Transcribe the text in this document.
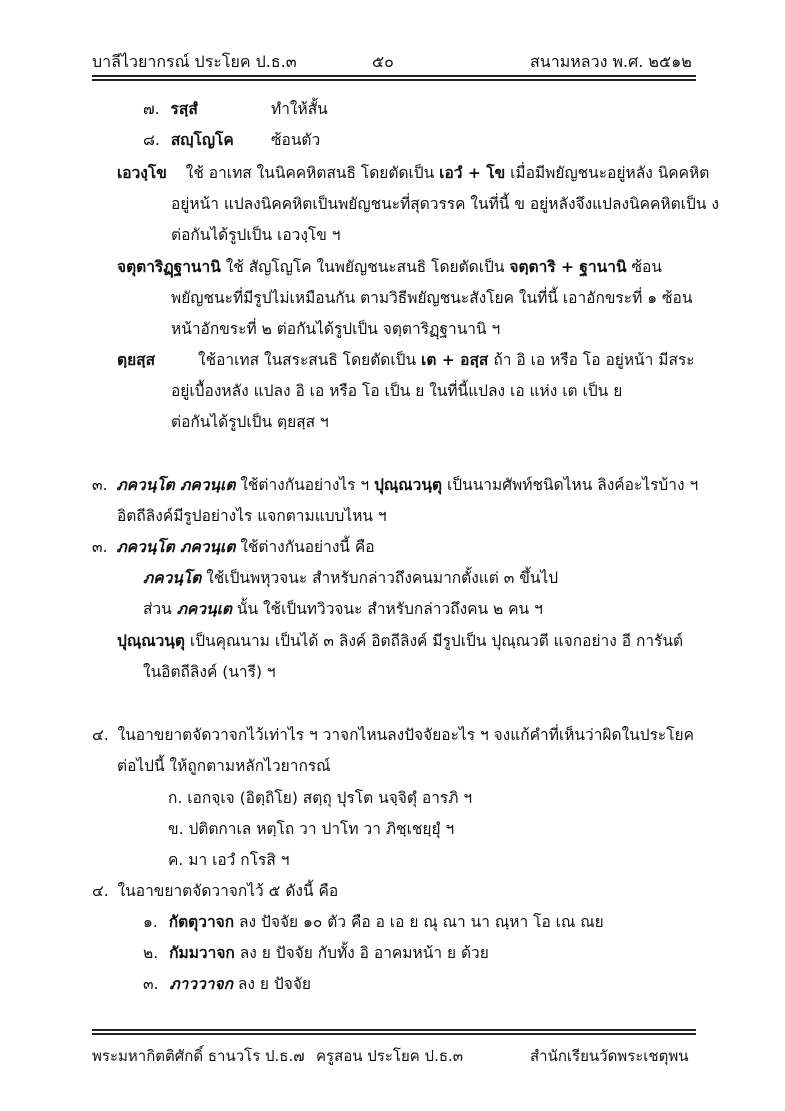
บาลีไวยากรณ์ ประโยค ป.ธ.๓	๕๐	สนามหลวง พ.ศ. ๒๕๑๒
๗. รสฺสํ	ทำให้สั้น
๘. สญฺโญโค ซ้อนตัว
เอวงฺโข ใช้ อาเทส ในนิคคหิตสนธิ โดยตัดเป็น เอวํ + โข เมื่อมีพยัญชนะอยู่หลัง นิคคหิต
อยู่หน้า แปลงนิคคหิตเป็นพยัญชนะที่สุดวรรค ในที่นี้ ข อยู่หลังจึงแปลงนิคคหิตเป็น ง
ต่อกันได้รูปเป็น เอวงฺโข ฯ
จตุตาริฏฺฐานานิ ใช้ สัญโญโค ในพยัญชนะสนธิ โดยตัดเป็น จตฺตาริ + ฐานานิ ซ้อน
พยัญชนะที่มีรูปไม่เหมือนกัน ตามวิธีพยัญชนะสังโยค ในที่นี้ เอาอักขระที่ ๑ ซ้อน
หน้าอักขระที่ ๒ ต่อกันได้รูปเป็น จตฺตาริฏฺฐานานิ ฯ
ตฺยสฺส	ใช้อาเทส ในสระสนธิ โดยตัดเป็น เต + อสฺส ถ้า อิ เอ หรือ โอ อยู่หน้า มีสระ
อยู่เบื้องหลัง แปลง อิ เอ หรือ โอ เป็น ย ในที่นี้แปลง เอ แห่ง เต เป็น ย
ต่อกันได้รูปเป็น ตฺยสฺส ฯ
๓. ภควนฺโต ภควนฺเต ใช้ต่างกันอย่างไร ฯ ปุณฺณวนฺตุ เป็นนามศัพท์ชนิดไหน ลิงค์อะไรบ้าง ฯ
อิตถีลิงค์มีรูปอย่างไร แจกตามแบบไหน ฯ
๓. ภควนฺโต ภควนฺเต ใช้ต่างกันอย่างนี้ คือ
ภควนฺโต ใช้เป็นพหุวจนะ สำหรับกล่าวถึงคนมากตั้งแต่ ๓ ขึ้นไป
ส่วน ภควนฺเต นั้น ใช้เป็นทวิวจนะ สำหรับกล่าวถึงคน ๒ คน ฯ
ปุณฺณวนฺตุ เป็นคุณนาม เป็นได้ ๓ ลิงค์ อิตถีลิงค์ มีรูปเป็น ปุณฺณวตี แจกอย่าง อี การันต์
ในอิตถีลิงค์ (นารี) ฯ
๔. ในอาขยาตจัดวาจกไว้เท่าไร ฯ วาจกไหนลงปัจจัยอะไร ฯ จงแก้คำที่เห็นว่าผิดในประโยค
ต่อไปนี้ ให้ถูกตามหลักไวยากรณ์
ก. เอกจฺเจ (อิตฺถิโย) สตฺถุ ปุรโต นจฺจิตุํ อารภิ ฯ
ข. ปติตกาเล หตฺโถ วา ปาโท วา ภิชฺเชยฺยุํ ฯ
ค. มา เอวํ กโรสิ ฯ
๔. ในอาขยาตจัดวาจกไว้ ๕ ดังนี้ คือ
๑. กัตตุวาจก ลง ปัจจัย ๑๐ ตัว คือ อ เอ ย ณุ ณา นา ณฺหา โอ เณ ณย
๒. กัมมวาจก ลง ย ปัจจัย กับทั้ง อิ อาคมหน้า ย ด้วย
๓. ภาววาจก ลง ย ปัจจัย
พระมหากิตติศักดิ์ ธานวโร ป.ธ.๗ ครูสอน ประโยค ป.ธ.๓	สำนักเรียนวัดพระเชตุพน
